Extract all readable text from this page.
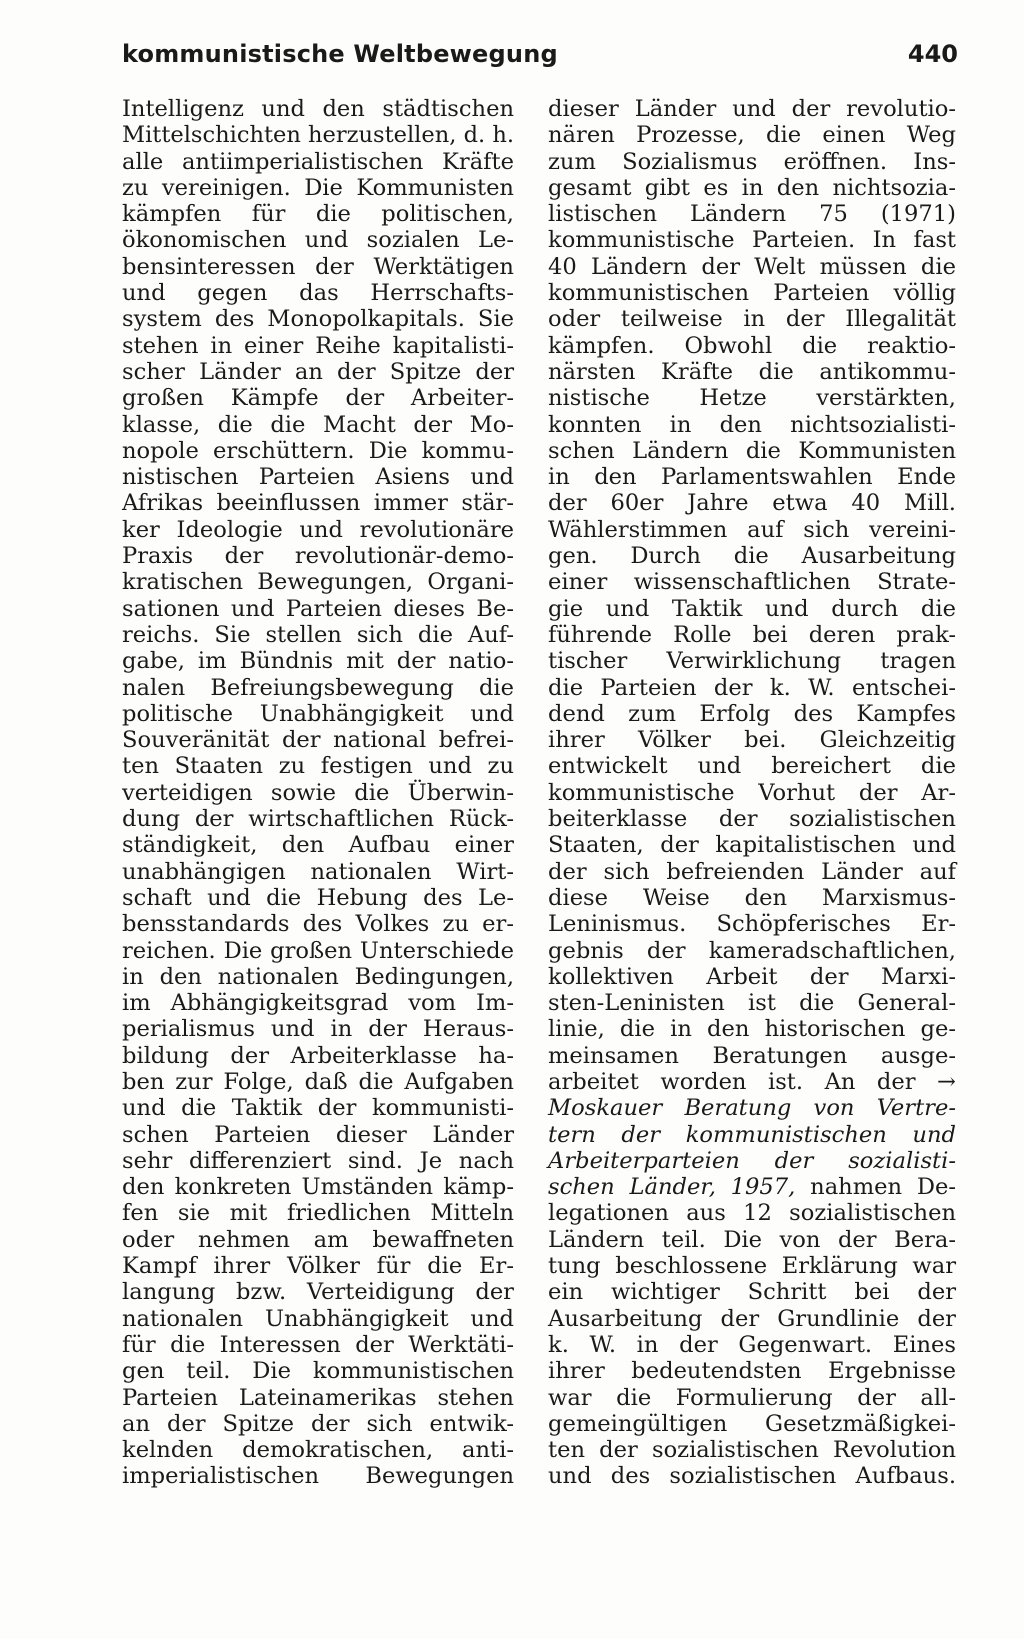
kommunistische Weltbewegung	440
Intelligenz und den städtischen
Mittelschichten herzustellen, d. h.
alle antiimperialistischen Kräfte
zu vereinigen. Die Kommunisten
kämpfen für die politischen,
ökonomischen und sozialen Le-
bensinteressen der Werktätigen
und gegen das Herrschafts-
system des Monopolkapitals. Sie
stehen in einer Reihe kapitalisti-
scher Länder an der Spitze der
großen Kämpfe der Arbeiter-
klasse, die die Macht der Mo-
nopole erschüttern. Die kommu-
nistischen Parteien Asiens und
Afrikas beeinflussen immer stär-
ker Ideologie und revolutionäre
Praxis der revolutionär-demo-
kratischen Bewegungen, Organi-
sationen und Parteien dieses Be-
reichs. Sie stellen sich die Auf-
gabe, im Bündnis mit der natio-
nalen Befreiungsbewegung die
politische Unabhängigkeit und
Souveränität der national befrei-
ten Staaten zu festigen und zu
verteidigen sowie die Überwin-
dung der wirtschaftlichen Rück-
ständigkeit, den Aufbau einer
unabhängigen nationalen Wirt-
schaft und die Hebung des Le-
bensstandards des Volkes zu er-
reichen. Die großen Unterschiede
in den nationalen Bedingungen,
im Abhängigkeitsgrad vom Im-
perialismus und in der Heraus-
bildung der Arbeiterklasse ha-
ben zur Folge, daß die Aufgaben
und die Taktik der kommunisti-
schen Parteien dieser Länder
sehr differenziert sind. Je nach
den konkreten Umständen kämp-
fen sie mit friedlichen Mitteln
oder nehmen am bewaffneten
Kampf ihrer Völker für die Er-
langung bzw. Verteidigung der
nationalen Unabhängigkeit und
für die Interessen der Werktäti-
gen teil. Die kommunistischen
Parteien Lateinamerikas stehen
an der Spitze der sich entwik-
kelnden demokratischen, anti-
imperialistischen Bewegungen
dieser Länder und der revolutio-
nären Prozesse, die einen Weg
zum Sozialismus eröffnen. Ins-
gesamt gibt es in den nichtsozia-
listischen Ländern 75 (1971)
kommunistische Parteien. In fast
40 Ländern der Welt müssen die
kommunistischen Parteien völlig
oder teilweise in der Illegalität
kämpfen. Obwohl die reaktio-
närsten Kräfte die antikommu-
nistische Hetze verstärkten,
konnten in den nichtsozialisti-
schen Ländern die Kommunisten
in den Parlamentswahlen Ende
der 60er Jahre etwa 40 Mill.
Wählerstimmen auf sich vereini-
gen. Durch die Ausarbeitung
einer wissenschaftlichen Strate-
gie und Taktik und durch die
führende Rolle bei deren prak-
tischer Verwirklichung tragen
die Parteien der k. W. entschei-
dend zum Erfolg des Kampfes
ihrer Völker bei. Gleichzeitig
entwickelt und bereichert die
kommunistische Vorhut der Ar-
beiterklasse der sozialistischen
Staaten, der kapitalistischen und
der sich befreienden Länder auf
diese Weise den Marxismus-
Leninismus. Schöpferisches Er-
gebnis der kameradschaftlichen,
kollektiven Arbeit der Marxi-
sten-Leninisten ist die General-
linie, die in den historischen ge-
meinsamen Beratungen ausge-
arbeitet worden ist. An der →
Moskauer Beratung von Vertre-
tern der kommunistischen und
Arbeiterparteien der sozialisti-
schen Länder, 1957, nahmen De-
legationen aus 12 sozialistischen
Ländern teil. Die von der Bera-
tung beschlossene Erklärung war
ein wichtiger Schritt bei der
Ausarbeitung der Grundlinie der
k. W. in der Gegenwart. Eines
ihrer bedeutendsten Ergebnisse
war die Formulierung der all-
gemeingültigen Gesetzmäßigkei-
ten der sozialistischen Revolution
und des sozialistischen Aufbaus.
